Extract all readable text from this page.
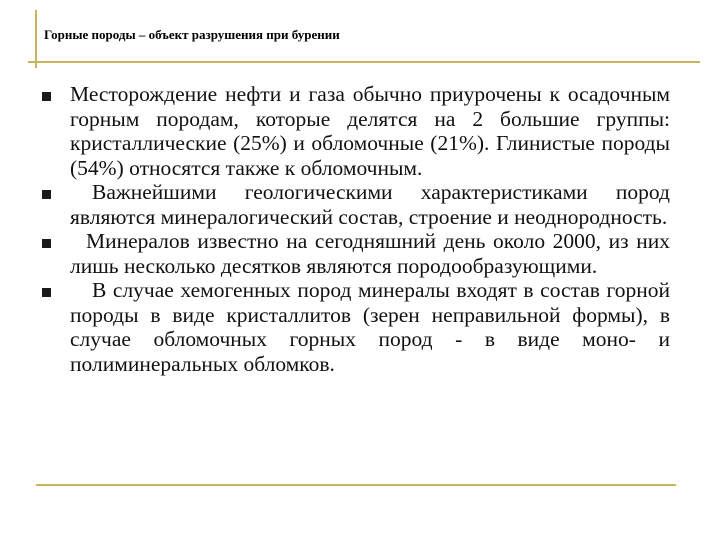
Горные породы – объект разрушения при бурении
Месторождение нефти и газа обычно приурочены к осадочным горным породам, которые делятся на 2 большие группы: кристаллические (25%) и обломочные (21%). Глинистые породы (54%) относятся также к обломочным.
Важнейшими геологическими характеристиками пород являются минералогический состав, строение и неоднородность.
Минералов известно на сегодняшний день около 2000, из них лишь несколько десятков являются породообразующими.
В случае хемогенных пород минералы входят в состав горной породы в виде кристаллитов (зерен неправильной формы), в случае обломочных горных пород - в виде моно- и полиминеральных обломков.
